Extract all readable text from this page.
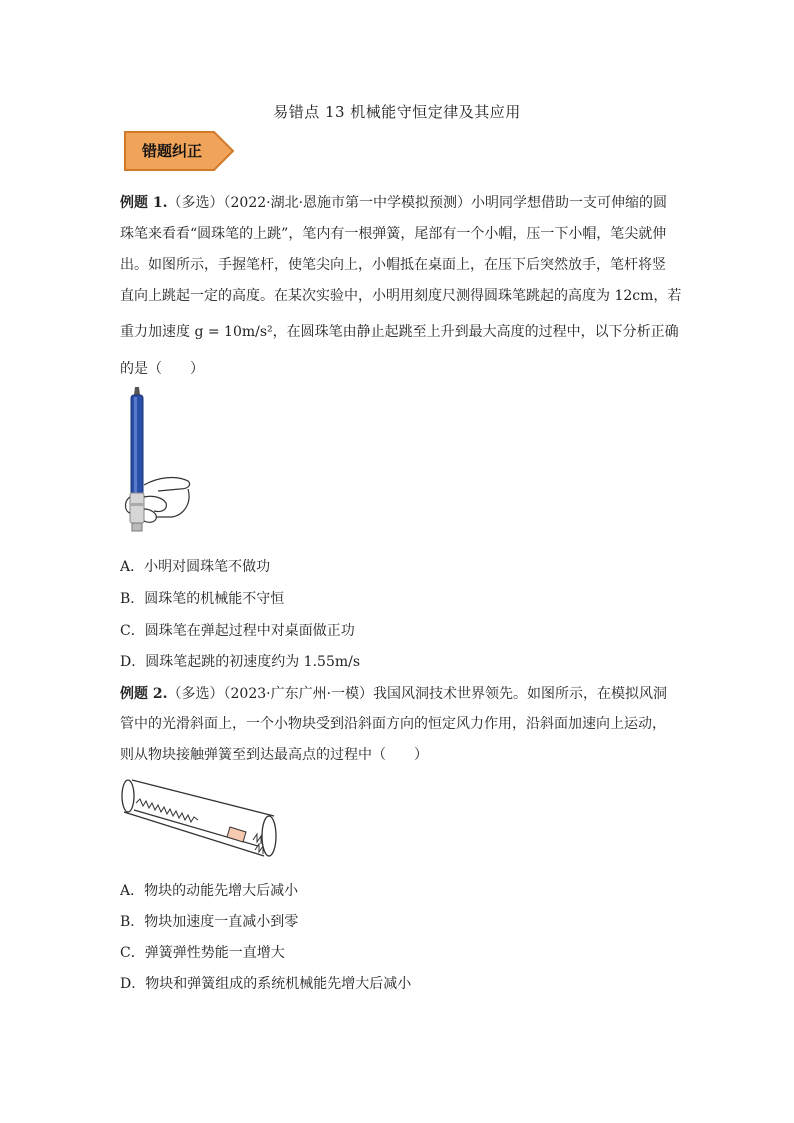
易错点 13 机械能守恒定律及其应用
错题纠正
例题 1.（多选）（2022·湖北·恩施市第一中学模拟预测）小明同学想借助一支可伸缩的圆
珠笔来看看“圆珠笔的上跳”，笔内有一根弹簧，尾部有一个小帽，压一下小帽，笔尖就伸
出。如图所示，手握笔杆，使笔尖向上，小帽抵在桌面上，在压下后突然放手，笔杆将竖
直向上跳起一定的高度。在某次实验中，小明用刻度尺测得圆珠笔跳起的高度为 12cm，若
重力加速度 g = 10m/s²，在圆珠笔由静止起跳至上升到最大高度的过程中，以下分析正确
的是（　　）
A．小明对圆珠笔不做功
B．圆珠笔的机械能不守恒
C．圆珠笔在弹起过程中对桌面做正功
D．圆珠笔起跳的初速度约为 1.55m/s
例题 2.（多选）（2023·广东广州·一模）我国风洞技术世界领先。如图所示，在模拟风洞
管中的光滑斜面上，一个小物块受到沿斜面方向的恒定风力作用，沿斜面加速向上运动，
则从物块接触弹簧至到达最高点的过程中（　　）
A．物块的动能先增大后减小
B．物块加速度一直减小到零
C．弹簧弹性势能一直增大
D．物块和弹簧组成的系统机械能先增大后减小
